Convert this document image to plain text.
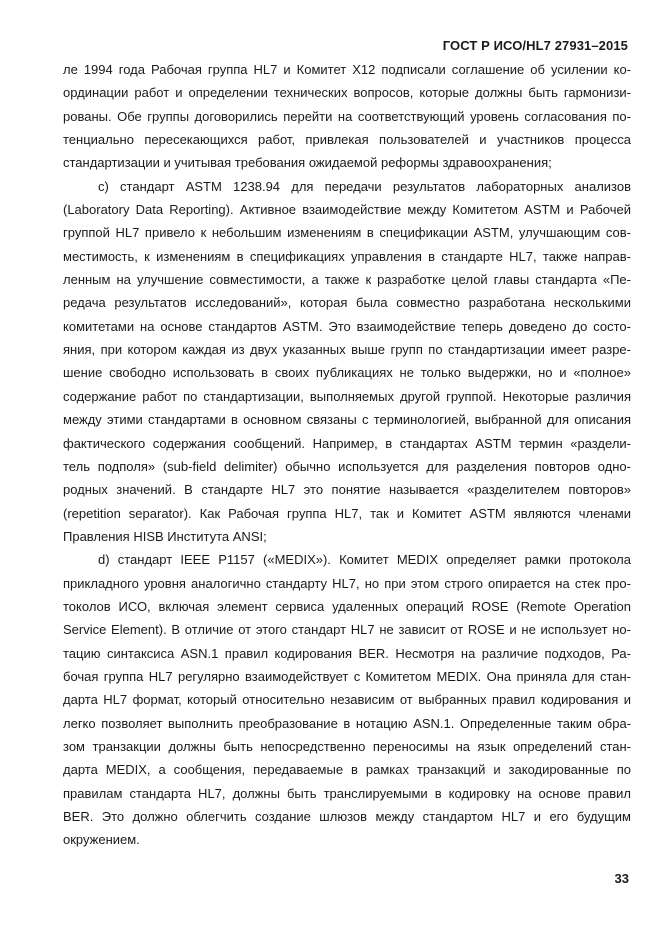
ГОСТ Р ИСО/HL7 27931–2015
ле 1994 года Рабочая группа HL7 и Комитет X12 подписали соглашение об усилении ко-
ординации работ и определении технических вопросов, которые должны быть гармонизи-
рованы. Обе группы договорились перейти на соответствующий уровень согласования по-
тенциально пересекающихся работ, привлекая пользователей и участников процесса
стандартизации и учитывая требования ожидаемой реформы здравоохранения;
c) стандарт ASTM 1238.94 для передачи результатов лабораторных анализов
(Laboratory Data Reporting). Активное взаимодействие между Комитетом ASTM и Рабочей
группой HL7 привело к небольшим изменениям в спецификации ASTM, улучшающим сов-
местимость, к изменениям в спецификациях управления в стандарте HL7, также направ-
ленным на улучшение совместимости, а также к разработке целой главы стандарта «Пе-
редача результатов исследований», которая была совместно разработана несколькими
комитетами на основе стандартов ASTM. Это взаимодействие теперь доведено до состо-
яния, при котором каждая из двух указанных выше групп по стандартизации имеет разре-
шение свободно использовать в своих публикациях не только выдержки, но и «полное»
содержание работ по стандартизации, выполняемых другой группой. Некоторые различия
между этими стандартами в основном связаны с терминологией, выбранной для описания
фактического содержания сообщений. Например, в стандартах ASTM термин «раздели-
тель подполя» (sub-field delimiter) обычно используется для разделения повторов одно-
родных значений. В стандарте HL7 это понятие называется «разделителем повторов»
(repetition separator). Как Рабочая группа HL7, так и Комитет ASTM являются членами
Правления HISB Института ANSI;
d) стандарт IEEE P1157 («MEDIX»). Комитет MEDIX определяет рамки протокола
прикладного уровня аналогично стандарту HL7, но при этом строго опирается на стек про-
токолов ИСО, включая элемент сервиса удаленных операций ROSE (Remote Operation
Service Element). В отличие от этого стандарт HL7 не зависит от ROSE и не использует но-
тацию синтаксиса ASN.1 правил кодирования BER. Несмотря на различие подходов, Ра-
бочая группа HL7 регулярно взаимодействует с Комитетом MEDIX. Она приняла для стан-
дарта HL7 формат, который относительно независим от выбранных правил кодирования и
легко позволяет выполнить преобразование в нотацию ASN.1. Определенные таким обра-
зом транзакции должны быть непосредственно переносимы на язык определений стан-
дарта MEDIX, а сообщения, передаваемые в рамках транзакций и закодированные по
правилам стандарта HL7, должны быть транслируемыми в кодировку на основе правил
BER. Это должно облегчить создание шлюзов между стандартом HL7 и его будущим
окружением.
33
